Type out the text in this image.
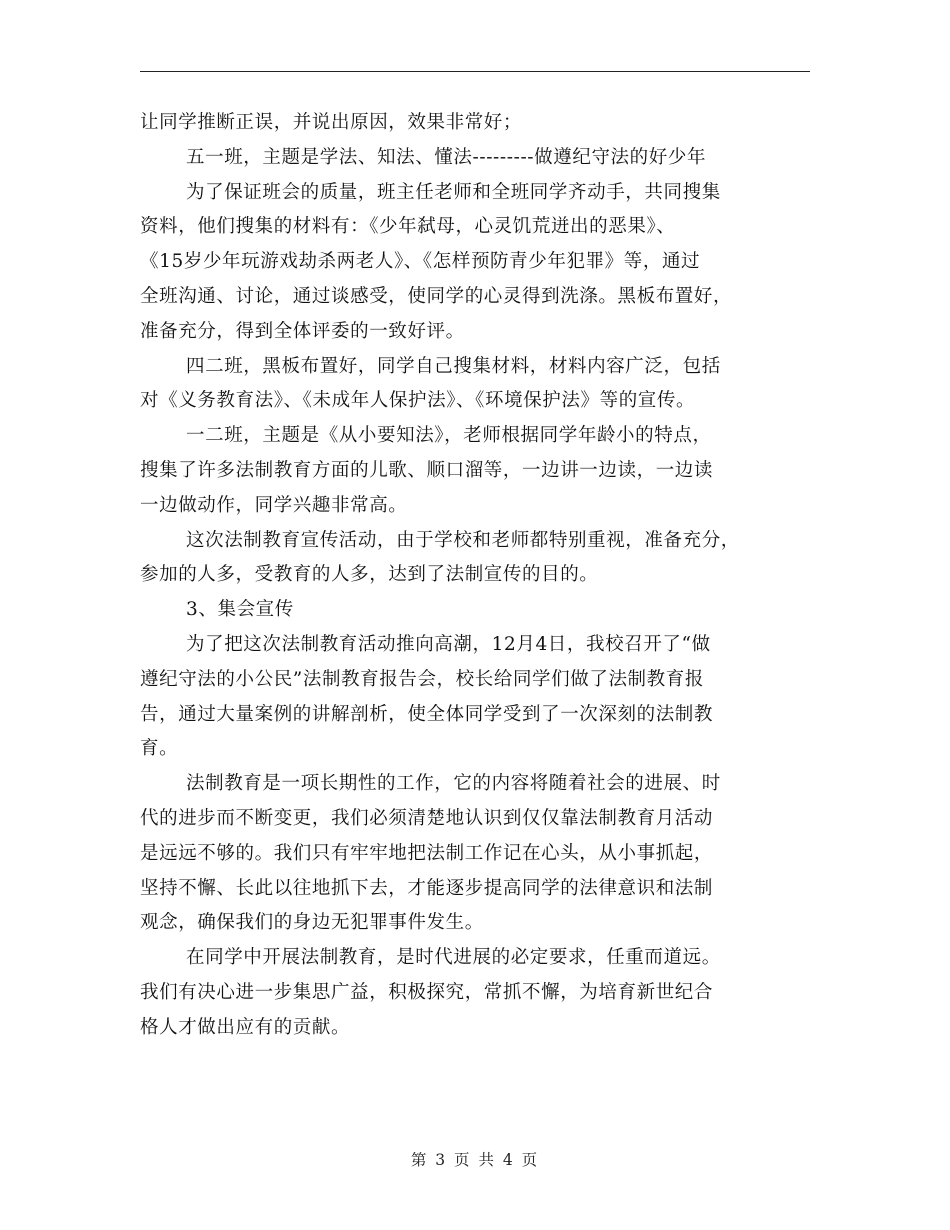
让同学推断正误，并说出原因，效果非常好；
五一班，主题是学法、知法、懂法---------做遵纪守法的好少年
为了保证班会的质量，班主任老师和全班同学齐动手，共同搜集
资料，他们搜集的材料有：《少年弑母，心灵饥荒迸出的恶果》、
《15岁少年玩游戏劫杀两老人》、《怎样预防青少年犯罪》等，通过
全班沟通、讨论，通过谈感受，使同学的心灵得到洗涤。黑板布置好，
准备充分，得到全体评委的一致好评。
四二班，黑板布置好，同学自己搜集材料，材料内容广泛，包括
对《义务教育法》、《未成年人保护法》、《环境保护法》等的宣传。
一二班，主题是《从小要知法》，老师根据同学年龄小的特点，
搜集了许多法制教育方面的儿歌、顺口溜等，一边讲一边读，一边读
一边做动作，同学兴趣非常高。
这次法制教育宣传活动，由于学校和老师都特别重视，准备充分，
参加的人多，受教育的人多，达到了法制宣传的目的。
3、集会宣传
为了把这次法制教育活动推向高潮，12月4日，我校召开了“做
遵纪守法的小公民”法制教育报告会，校长给同学们做了法制教育报
告，通过大量案例的讲解剖析，使全体同学受到了一次深刻的法制教
育。
法制教育是一项长期性的工作，它的内容将随着社会的进展、时
代的进步而不断变更，我们必须清楚地认识到仅仅靠法制教育月活动
是远远不够的。我们只有牢牢地把法制工作记在心头，从小事抓起，
坚持不懈、长此以往地抓下去，才能逐步提高同学的法律意识和法制
观念，确保我们的身边无犯罪事件发生。
在同学中开展法制教育，是时代进展的必定要求，任重而道远。
我们有决心进一步集思广益，积极探究，常抓不懈，为培育新世纪合
格人才做出应有的贡献。
第 3 页 共 4 页
